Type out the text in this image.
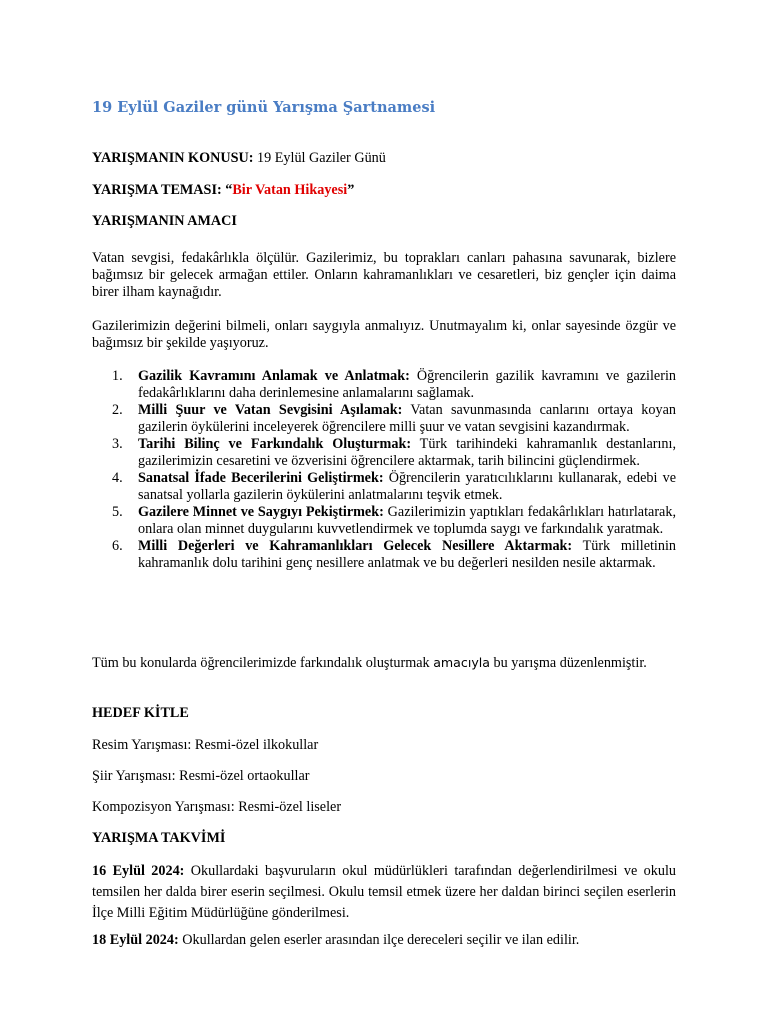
19 Eylül Gaziler günü Yarışma Şartnamesi
YARIŞMANIN KONUSU: 19 Eylül Gaziler Günü
YARIŞMA TEMASI: “Bir Vatan Hikayesi”
YARIŞMANIN AMACI
Vatan sevgisi, fedakârlıkla ölçülür. Gazilerimiz, bu toprakları canları pahasına savunarak, bizlere bağımsız bir gelecek armağan ettiler. Onların kahramanlıkları ve cesaretleri, biz gençler için daima birer ilham kaynağıdır.
Gazilerimizin değerini bilmeli, onları saygıyla anmalıyız. Unutmayalım ki, onlar sayesinde özgür ve bağımsız bir şekilde yaşıyoruz.
1. Gazilik Kavramını Anlamak ve Anlatmak: Öğrencilerin gazilik kavramını ve gazilerin fedakârlıklarını daha derinlemesine anlamalarını sağlamak.
2. Milli Şuur ve Vatan Sevgisini Aşılamak: Vatan savunmasında canlarını ortaya koyan gazilerin öykülerini inceleyerek öğrencilere milli şuur ve vatan sevgisini kazandırmak.
3. Tarihi Bilinç ve Farkındalık Oluşturmak: Türk tarihindeki kahramanlık destanlarını, gazilerimizin cesaretini ve özverisini öğrencilere aktarmak, tarih bilincini güçlendirmek.
4. Sanatsal İfade Becerilerini Geliştirmek: Öğrencilerin yaratıcılıklarını kullanarak, edebi ve sanatsal yollarla gazilerin öykülerini anlatmalarını teşvik etmek.
5. Gazilere Minnet ve Saygıyı Pekiştirmek: Gazilerimizin yaptıkları fedakârlıkları hatırlatarak, onlara olan minnet duygularını kuvvetlendirmek ve toplumda saygı ve farkındalık yaratmak.
6. Milli Değerleri ve Kahramanlıkları Gelecek Nesillere Aktarmak: Türk milletinin kahramanlık dolu tarihini genç nesillere anlatmak ve bu değerleri nesilden nesile aktarmak.
Tüm bu konularda öğrencilerimizde farkındalık oluşturmak amacıyla bu yarışma düzenlenmiştir.
HEDEF KİTLE
Resim Yarışması: Resmi-özel ilkokullar
Şiir Yarışması: Resmi-özel ortaokullar
Kompozisyon Yarışması: Resmi-özel liseler
YARIŞMA TAKVİMİ
16 Eylül 2024: Okullardaki başvuruların okul müdürlükleri tarafından değerlendirilmesi ve okulu temsilen her dalda birer eserin seçilmesi. Okulu temsil etmek üzere her daldan birinci seçilen eserlerin İlçe Milli Eğitim Müdürlüğüne gönderilmesi.
18 Eylül 2024: Okullardan gelen eserler arasından ilçe dereceleri seçilir ve ilan edilir.
